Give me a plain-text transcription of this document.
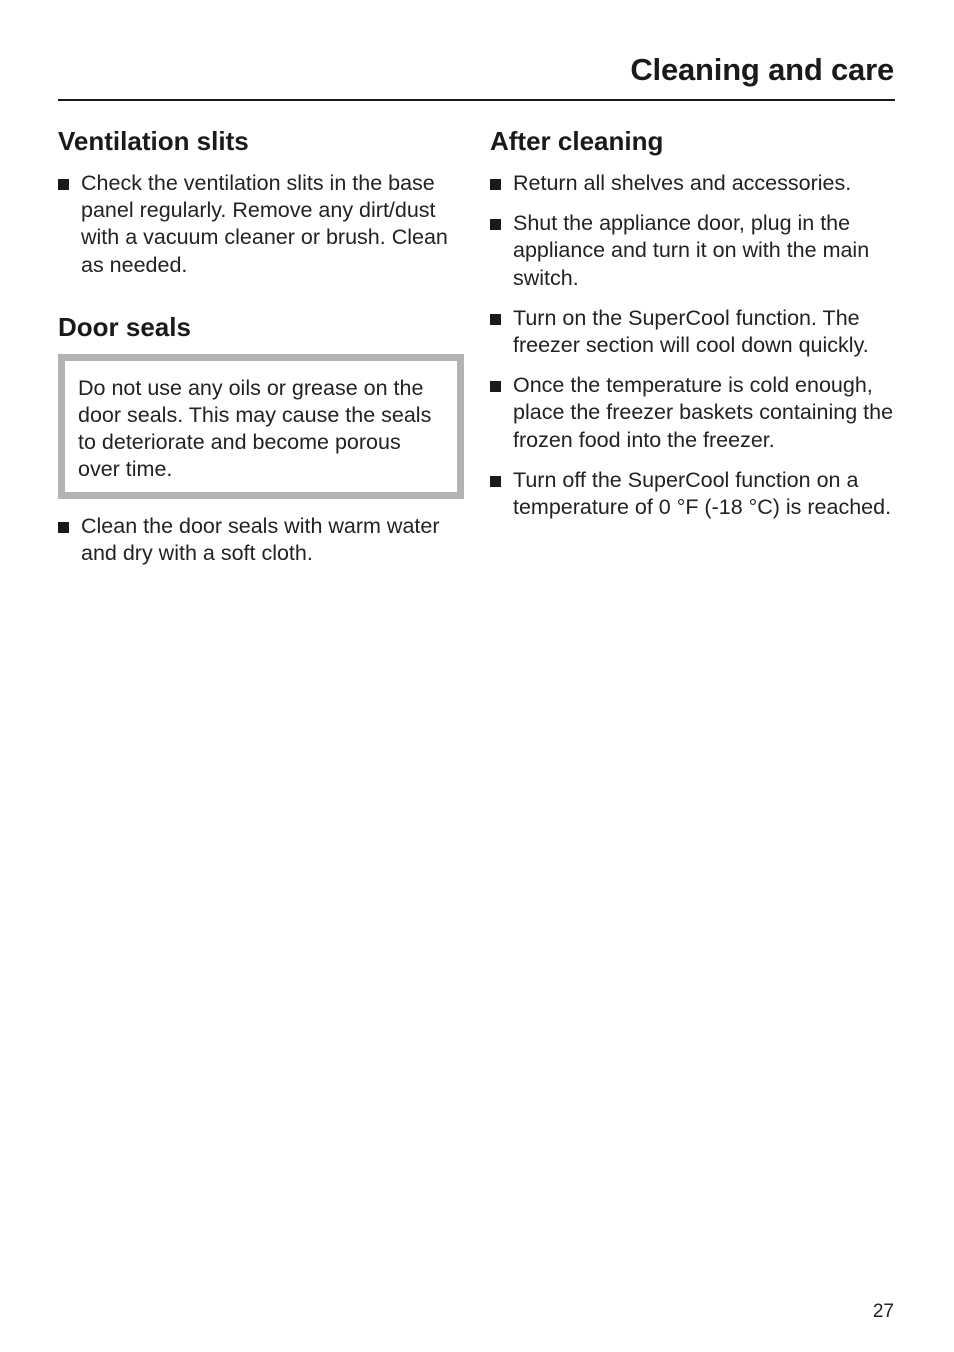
Cleaning and care
Ventilation slits
Check the ventilation slits in the base panel regularly. Remove any dirt/dust with a vacuum cleaner or brush. Clean as needed.
Door seals
Do not use any oils or grease on the door seals. This may cause the seals to deteriorate and become porous over time.
Clean the door seals with warm water and dry with a soft cloth.
After cleaning
Return all shelves and accessories.
Shut the appliance door, plug in the appliance and turn it on with the main switch.
Turn on the SuperCool function. The freezer section will cool down quickly.
Once the temperature is cold enough, place the freezer baskets containing the frozen food into the freezer.
Turn off the SuperCool function on a temperature of 0 °F (-18 °C) is reached.
27
